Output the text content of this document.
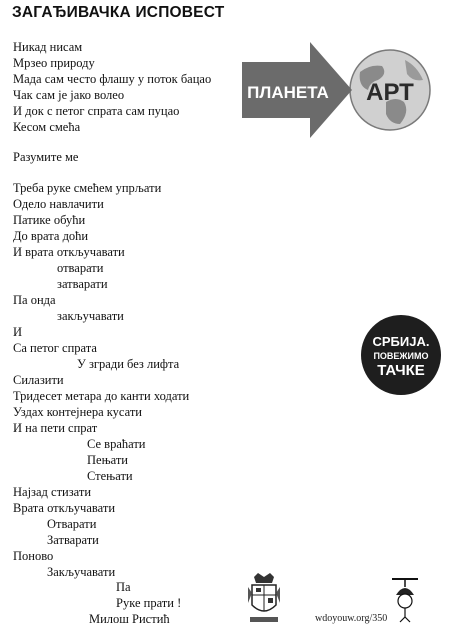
ЗАГАЂИВАЧКА ИСПОВЕСТ
Никад нисам
Мрзео природу
Мада сам често флашу у поток бацао
Чак сам је јако волео
И док с петог спрата сам пуцао
Кесом смећа
Разумите ме
Треба руке смећем упрљати
Одело навлачити
Патике обући
До врата доћи
И врата откључавати
отварати
затварати
Па онда
закључавати
И
Са петог спрата
У згради без лифта
Силазити
Тридесет метара до канти ходати
Уздах контејнера кусати
И на пети спрат
Се враћати
Пењати
Стењати
Најзад стизати
Врата откључавати
Отварати
Затварати
Поново
Закључавати
Па
Руке прати !
Милош Ристић
ПЛАНЕТА АРТ
СРБИЈА.
ПОВЕЖИМО
ТАЧКЕ
wdoyouw.org/350
